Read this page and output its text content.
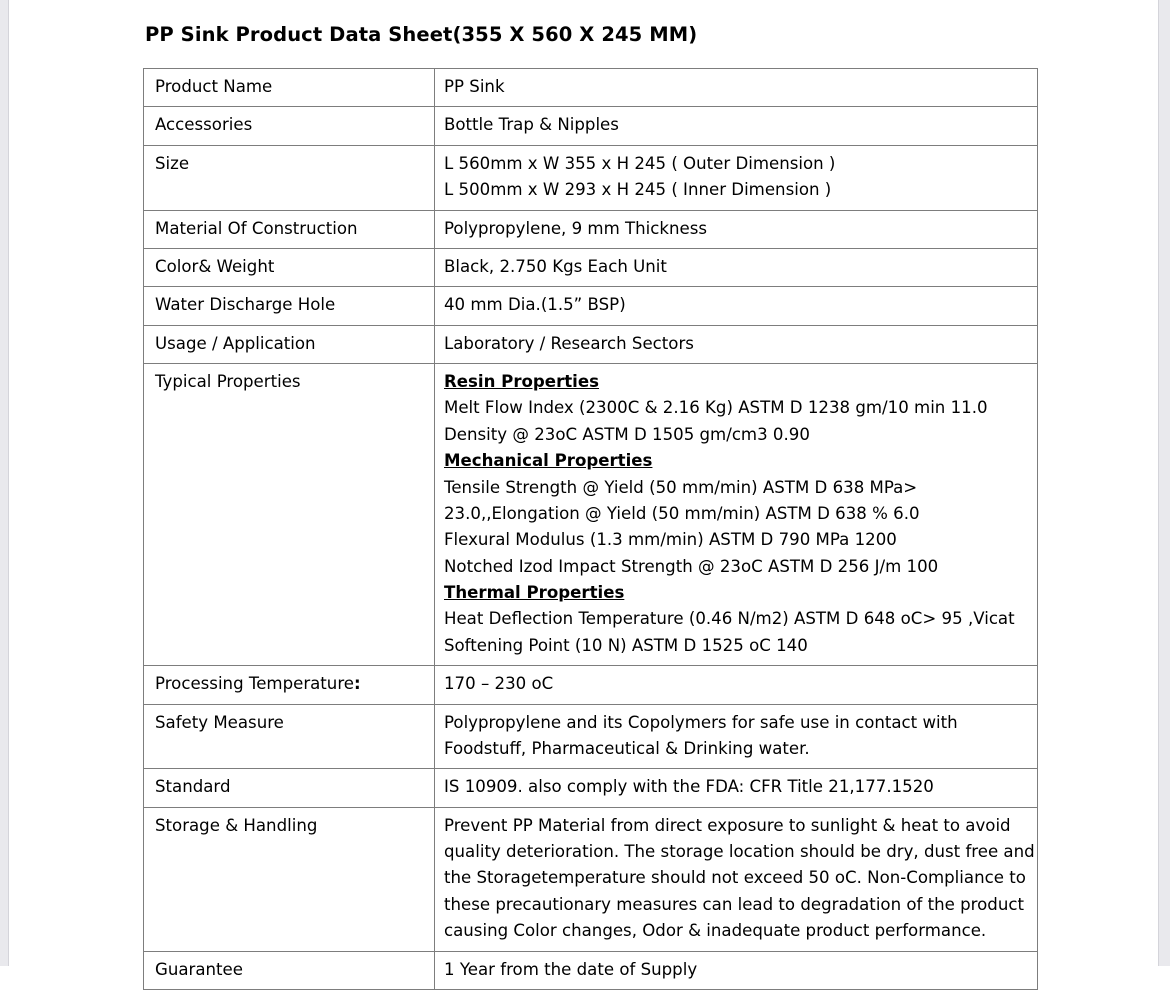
PP Sink Product Data Sheet(355 X 560 X 245 MM)
Product Name	PP Sink

Accessories	Bottle Trap & Nipples

Size	L 560mm x W 355 x H 245 ( Outer Dimension )
L 500mm x W 293 x H 245 ( Inner Dimension )

Material Of Construction	Polypropylene, 9 mm Thickness

Color& Weight	Black, 2.750 Kgs Each Unit

Water Discharge Hole	40 mm Dia.(1.5” BSP)

Usage / Application	Laboratory / Research Sectors

Typical Properties	Resin Properties
Melt Flow Index (2300C & 2.16 Kg) ASTM D 1238 gm/10 min 11.0
Density @ 23oC ASTM D 1505 gm/cm3 0.90
Mechanical Properties
Tensile Strength @ Yield (50 mm/min) ASTM D 638 MPa> 23.0,,Elongation @ Yield (50 mm/min) ASTM D 638 % 6.0
Flexural Modulus (1.3 mm/min) ASTM D 790 MPa 1200
Notched Izod Impact Strength @ 23oC ASTM D 256 J/m 100
Thermal Properties
Heat Deflection Temperature (0.46 N/m2) ASTM D 648 oC> 95 ,Vicat Softening Point (10 N) ASTM D 1525 oC 140

Processing Temperature:	170 – 230 oC

Safety Measure	Polypropylene and its Copolymers for safe use in contact with Foodstuff, Pharmaceutical & Drinking water.

Standard	IS 10909. also comply with the FDA: CFR Title 21,177.1520

Storage & Handling	Prevent PP Material from direct exposure to sunlight & heat to avoid quality deterioration. The storage location should be dry, dust free and the Storagetemperature should not exceed 50 oC. Non-Compliance to these precautionary measures can lead to degradation of the product causing Color changes, Odor & inadequate product performance.

Guarantee	1 Year from the date of Supply
